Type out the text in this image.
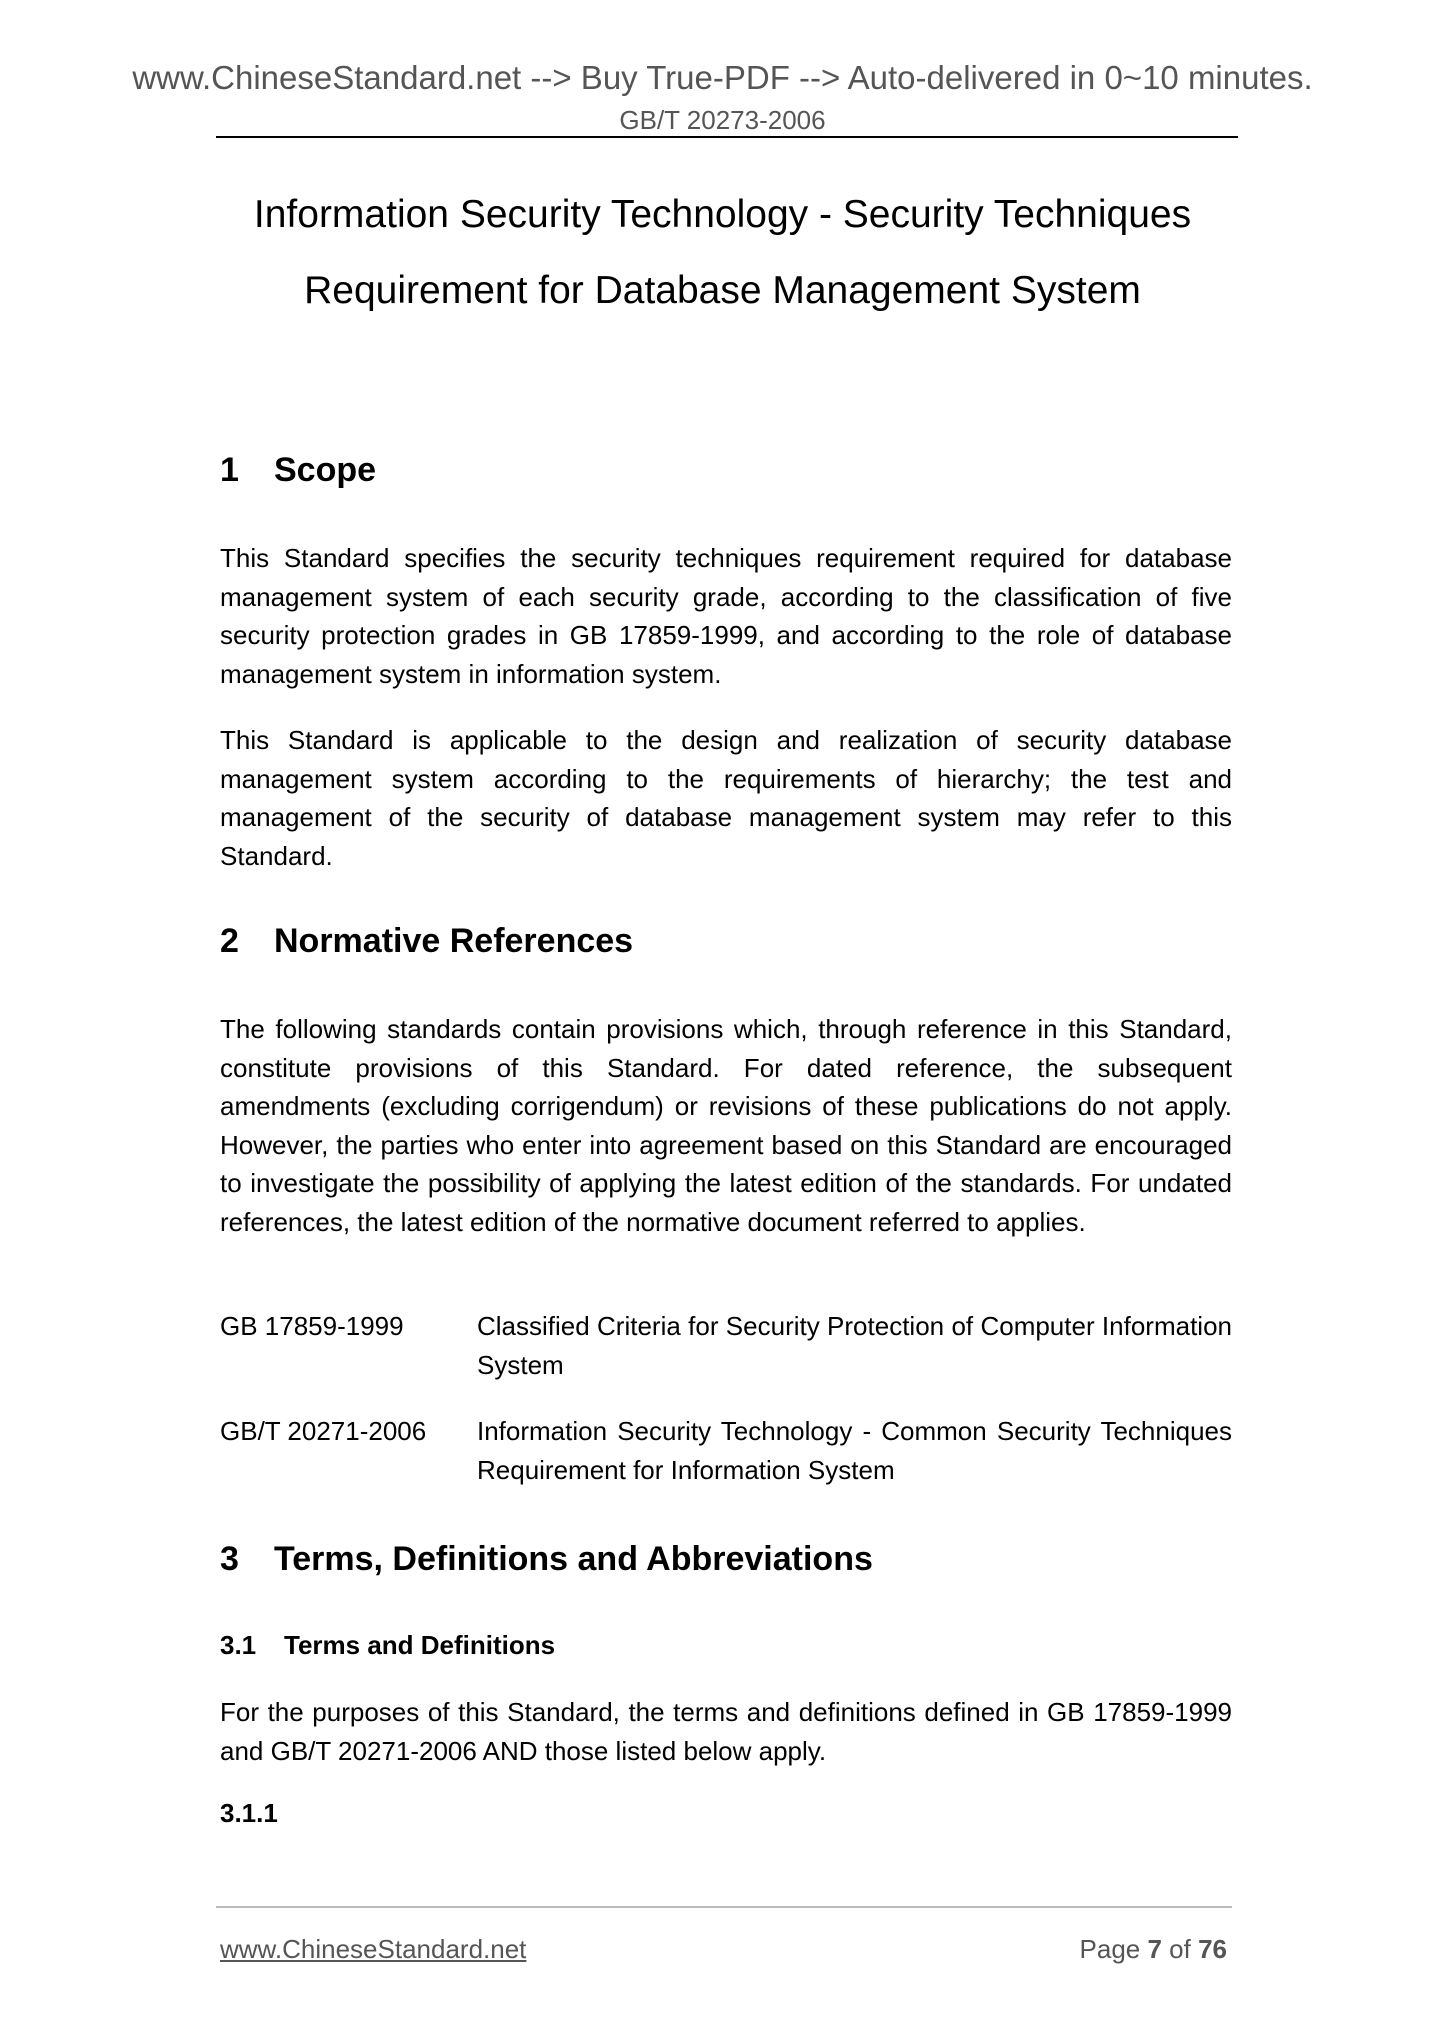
www.ChineseStandard.net --> Buy True-PDF --> Auto-delivered in 0~10 minutes.
GB/T 20273-2006
Information Security Technology - Security Techniques
Requirement for Database Management System
1 Scope
This Standard specifies the security techniques requirement required for database management system of each security grade, according to the classification of five security protection grades in GB 17859-1999, and according to the role of database management system in information system.
This Standard is applicable to the design and realization of security database management system according to the requirements of hierarchy; the test and management of the security of database management system may refer to this Standard.
2 Normative References
The following standards contain provisions which, through reference in this Standard, constitute provisions of this Standard. For dated reference, the subsequent amendments (excluding corrigendum) or revisions of these publications do not apply. However, the parties who enter into agreement based on this Standard are encouraged to investigate the possibility of applying the latest edition of the standards. For undated references, the latest edition of the normative document referred to applies.
GB 17859-1999	Classified Criteria for Security Protection of Computer Information System
GB/T 20271-2006 Information Security Technology - Common Security Techniques Requirement for Information System
3 Terms, Definitions and Abbreviations
3.1 Terms and Definitions
For the purposes of this Standard, the terms and definitions defined in GB 17859-1999 and GB/T 20271-2006 AND those listed below apply.
3.1.1
www.ChineseStandard.net	Page 7 of 76
